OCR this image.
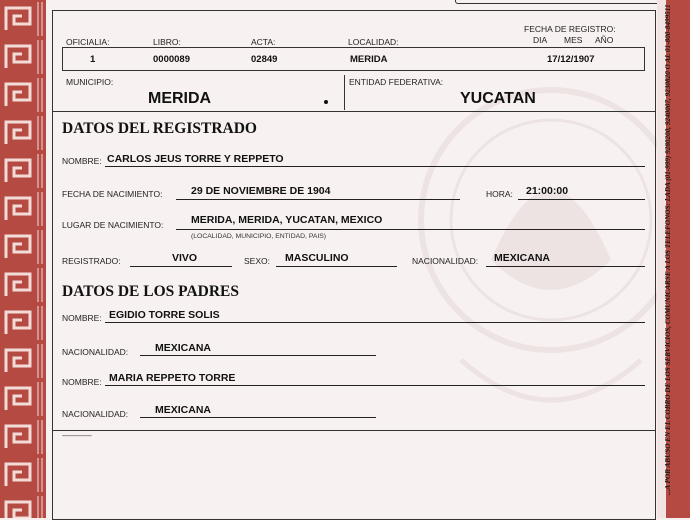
FECHA DE REGISTRO:
DIA MES AÑO
OFICIALIA:	LIBRO:	ACTA:	LOCALIDAD:
1	0000089	02849	MERIDA	17/12/1907
MUNICIPIO:
MERIDA
ENTIDAD FEDERATIVA:
YUCATAN
DATOS DEL REGISTRADO
NOMBRE: CARLOS JEUS TORRE Y REPPETO
FECHA DE NACIMIENTO:	29 DE NOVIEMBRE DE 1904	HORA: 21:00:00
LUGAR DE NACIMIENTO:	MERIDA, MERIDA, YUCATAN, MEXICO
(LOCALIDAD, MUNICIPIO, ENTIDAD, PAIS)
REGISTRADO:	VIVO	SEXO: MASCULINO	NACIONALIDAD: MEXICANA
DATOS DE LOS PADRES
NOMBRE: EGIDIO TORRE SOLIS
NACIONALIDAD:	MEXICANA
NOMBRE: MARIA REPPETO TORRE
NACIONALIDAD:	MEXICANA
----------------	...A POR ABUSO EN EL COBRO DE LOS SERVICIOS, COMUNICARSE A LOS TELEFONOS: LADA (01-999) 9280200, 9240007, 9230820 O AL 01-800-8499511
